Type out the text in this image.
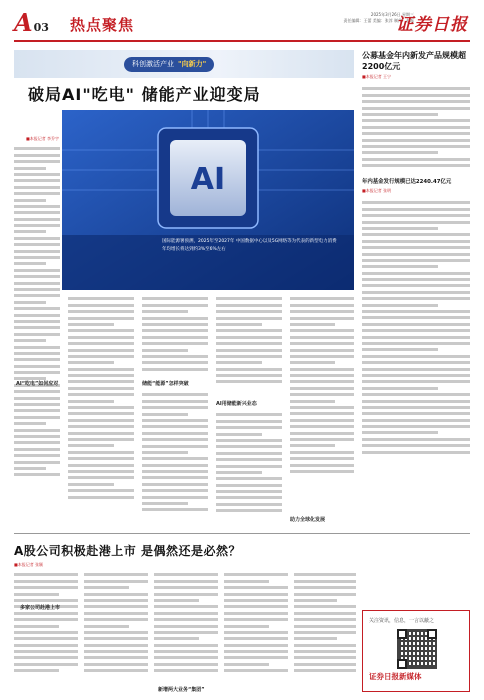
A03 热点聚焦
2025年3月26日 星期三
责任编辑：王蕾 美编：张淳 制作：赵磊
证券日报
科创激活产业 "向新力"
破局AI"吃电" 储能产业迎变局
■本报记者 李乔宇
AI
国际能源署预测，2025年至2027年 中国数据中心以及5G网络等为代表的新型电力消费 年均增长将达到约3%至6%左右
AI“吃电”如何应对	储能“能源”怎样突破
AI用储能新兴业态
助力全球化发展
公募基金年内新发产品规模超2200亿元
■本报记者 王宁
年内基金发行规模已达2240.47亿元
■本报记者 张明
A股公司积极赴港上市 是偶然还是必然？
■本报记者 张颖
多家公司赴港上市
新增两大业务“集团”
关注资讯，信息，一言以蔽之
证券日报新媒体
